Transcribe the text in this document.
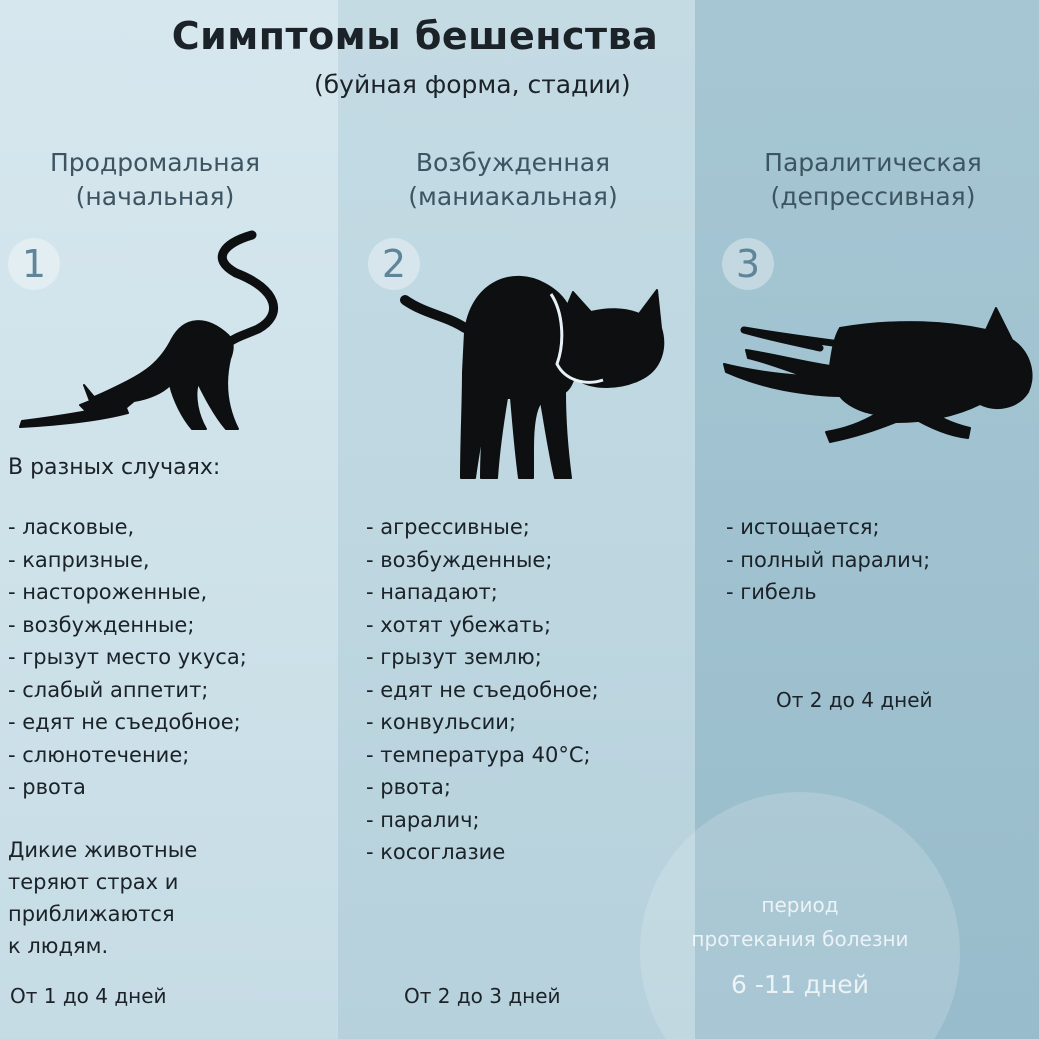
Симптомы бешенства
(буйная форма, стадии)
Продромальная
(начальная)
Возбужденная
(маниакальная)
Паралитическая
(депрессивная)
1	2	3
В разных случаях:
- ласковые,
- капризные,
- настороженные,
- возбужденные;
- грызут место укуса;
- слабый аппетит;
- едят не съедобное;
- слюнотечение;
- рвота
- агрессивные;
- возбужденные;
- нападают;
- хотят убежать;
- грызут землю;
- едят не съедобное;
- конвульсии;
- температура 40°С;
- рвота;
- паралич;
- косоглазие
- истощается;
- полный паралич;
- гибель
Дикие животные
теряют страх и
приближаются
к людям.
От 1 до 4 дней	От 2 до 3 дней
От 2 до 4 дней
период
протекания болезни
6 -11 дней
